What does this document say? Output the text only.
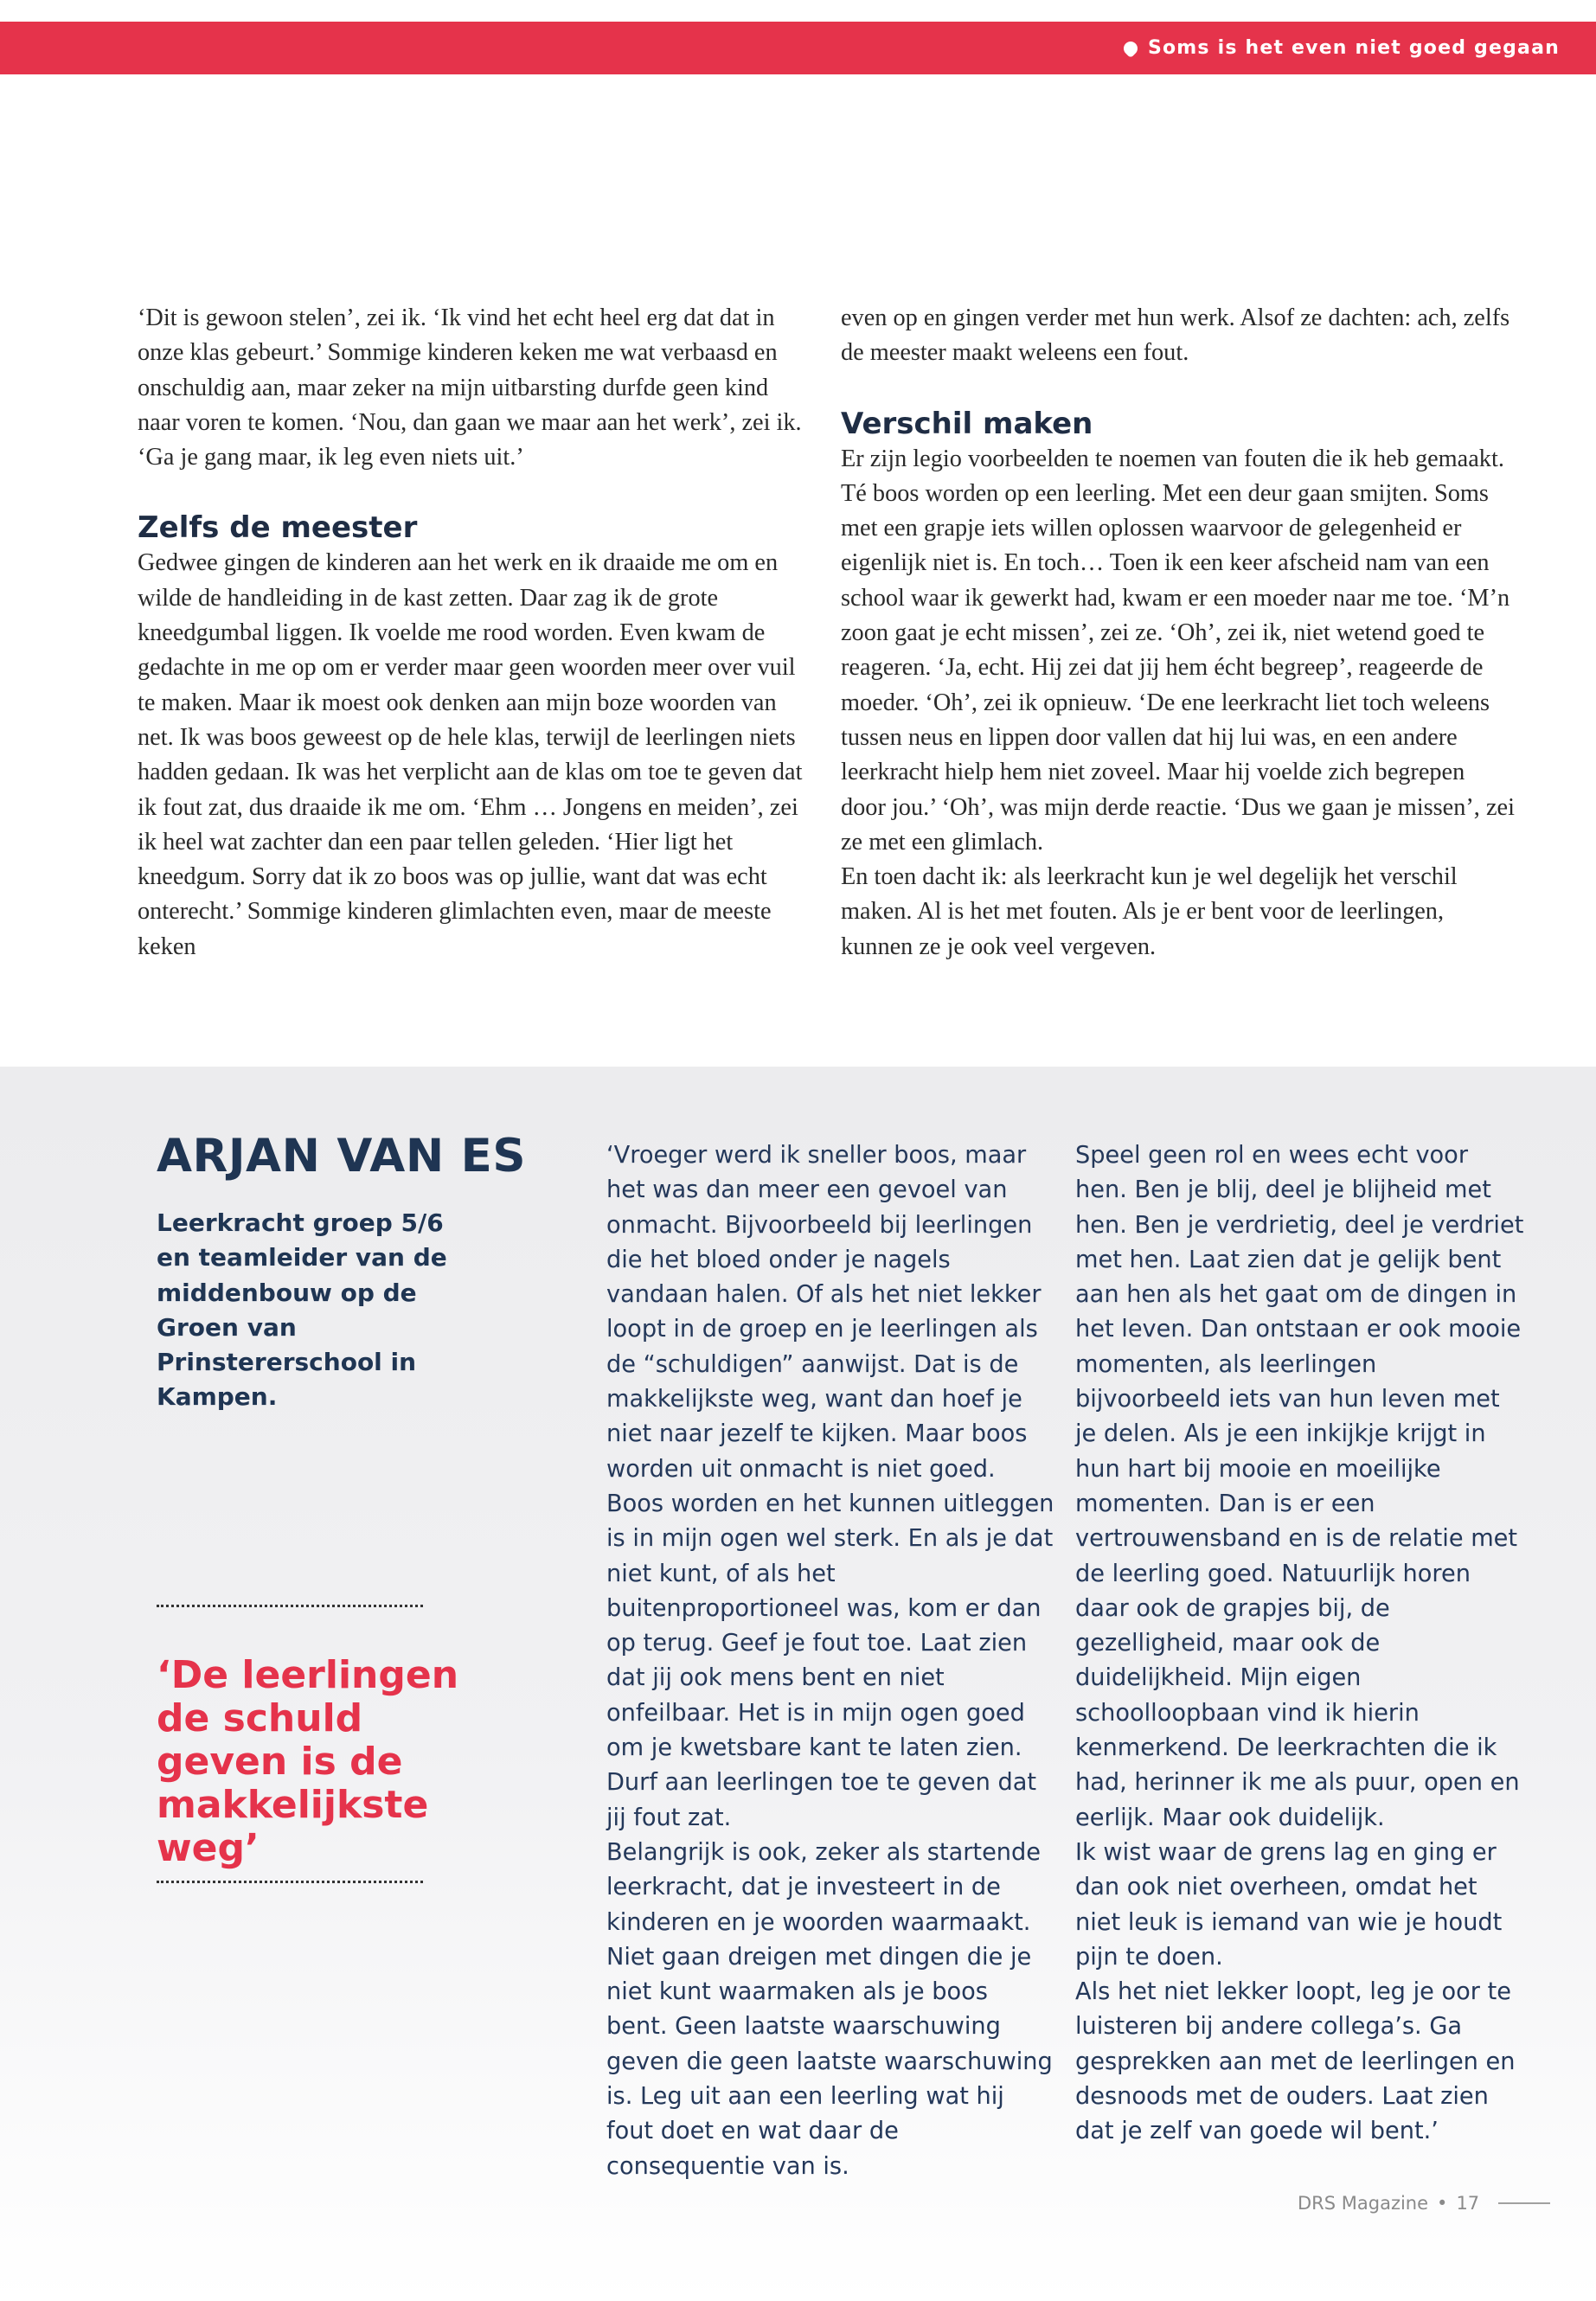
Soms is het even niet goed gegaan

‘Dit is gewoon stelen’, zei ik. ‘Ik vind het echt heel erg dat dat in onze klas gebeurt.’ Sommige kinderen keken me wat verbaasd en onschuldig aan, maar zeker na mijn uitbarsting durfde geen kind naar voren te komen. ‘Nou, dan gaan we maar aan het werk’, zei ik. ‘Ga je gang maar, ik leg even niets uit.’

Zelfs de meester

Gedwee gingen de kinderen aan het werk en ik draaide me om en wilde de handleiding in de kast zetten. Daar zag ik de grote kneedgumbal liggen. Ik voelde me rood worden. Even kwam de gedachte in me op om er verder maar geen woorden meer over vuil te maken. Maar ik moest ook denken aan mijn boze woorden van net. Ik was boos geweest op de hele klas, terwijl de leerlingen niets hadden gedaan. Ik was het verplicht aan de klas om toe te geven dat ik fout zat, dus draaide ik me om. ‘Ehm … Jongens en meiden’, zei ik heel wat zachter dan een paar tellen geleden. ‘Hier ligt het kneedgum. Sorry dat ik zo boos was op jullie, want dat was echt onterecht.’ Sommige kinderen glimlachten even, maar de meeste keken

even op en gingen verder met hun werk. Alsof ze dachten: ach, zelfs de meester maakt weleens een fout.

Verschil maken

Er zijn legio voorbeelden te noemen van fouten die ik heb gemaakt. Té boos worden op een leerling. Met een deur gaan smijten. Soms met een grapje iets willen oplossen waarvoor de gelegenheid er eigenlijk niet is. En toch… Toen ik een keer afscheid nam van een school waar ik gewerkt had, kwam er een moeder naar me toe. ‘M’n zoon gaat je echt missen’, zei ze. ‘Oh’, zei ik, niet wetend goed te reageren. ‘Ja, echt. Hij zei dat jij hem écht begreep’, reageerde de moeder. ‘Oh’, zei ik opnieuw. ‘De ene leerkracht liet toch weleens tussen neus en lippen door vallen dat hij lui was, en een andere leerkracht hielp hem niet zoveel. Maar hij voelde zich begrepen door jou.’ ‘Oh’, was mijn derde reactie. ‘Dus we gaan je missen’, zei ze met een glimlach.

En toen dacht ik: als leerkracht kun je wel degelijk het verschil maken. Al is het met fouten. Als je er bent voor de leerlingen, kunnen ze je ook veel vergeven.

ARJAN VAN ES

Leerkracht groep 5/6 en teamleider van de middenbouw op de Groen van Prinstererschool in Kampen.

‘De leerlingen de schuld geven is de makkelijkste weg’

‘Vroeger werd ik sneller boos, maar het was dan meer een gevoel van onmacht. Bijvoorbeeld bij leerlingen die het bloed onder je nagels vandaan halen. Of als het niet lekker loopt in de groep en je leerlingen als de “schuldigen” aanwijst. Dat is de makkelijkste weg, want dan hoef je niet naar jezelf te kijken. Maar boos worden uit onmacht is niet goed.

Boos worden en het kunnen uitleggen is in mijn ogen wel sterk. En als je dat niet kunt, of als het buitenproportioneel was, kom er dan op terug. Geef je fout toe. Laat zien dat jij ook mens bent en niet onfeilbaar. Het is in mijn ogen goed om je kwetsbare kant te laten zien. Durf aan leerlingen toe te geven dat jij fout zat.

Belangrijk is ook, zeker als startende leerkracht, dat je investeert in de kinderen en je woorden waarmaakt. Niet gaan dreigen met dingen die je niet kunt waarmaken als je boos bent. Geen laatste waarschuwing geven die geen laatste waarschuwing is. Leg uit aan een leerling wat hij fout doet en wat daar de consequentie van is.

Speel geen rol en wees echt voor hen. Ben je blij, deel je blijheid met hen. Ben je verdrietig, deel je verdriet met hen. Laat zien dat je gelijk bent aan hen als het gaat om de dingen in het leven. Dan ontstaan er ook mooie momenten, als leerlingen bijvoorbeeld iets van hun leven met je delen. Als je een inkijkje krijgt in hun hart bij mooie en moeilijke momenten. Dan is er een vertrouwensband en is de relatie met de leerling goed. Natuurlijk horen daar ook de grapjes bij, de gezelligheid, maar ook de duidelijkheid. Mijn eigen schoolloopbaan vind ik hierin kenmerkend. De leerkrachten die ik had, herinner ik me als puur, open en eerlijk. Maar ook duidelijk.

Ik wist waar de grens lag en ging er dan ook niet overheen, omdat het niet leuk is iemand van wie je houdt pijn te doen.

Als het niet lekker loopt, leg je oor te luisteren bij andere collega’s. Ga gesprekken aan met de leerlingen en desnoods met de ouders. Laat zien dat je zelf van goede wil bent.’

DRS Magazine • 17
